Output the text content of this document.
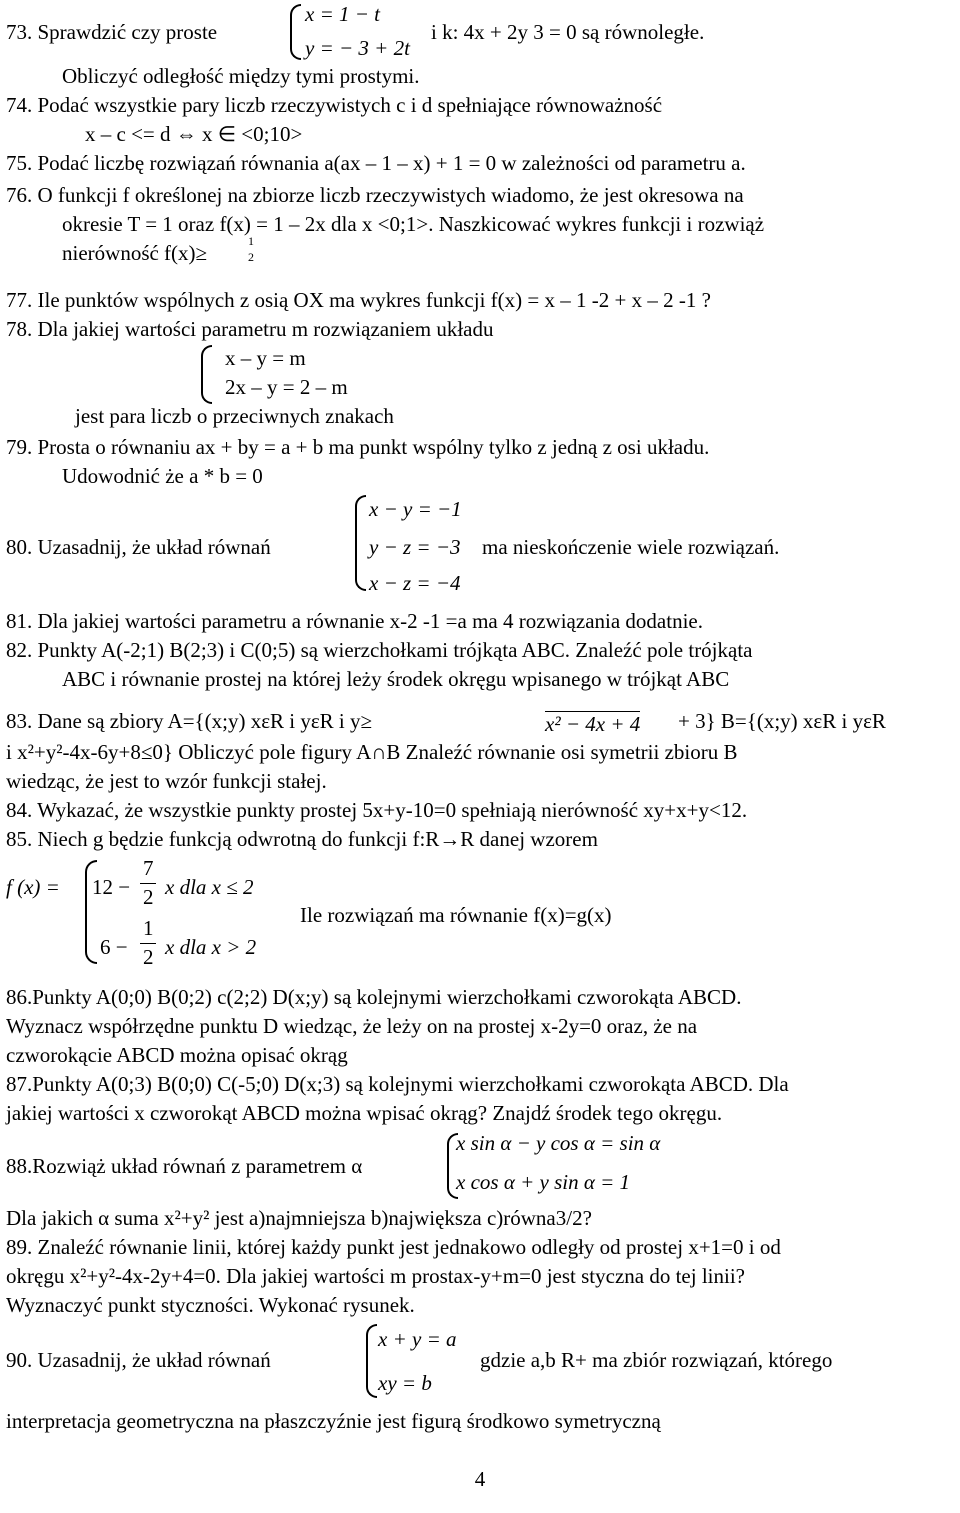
73. Sprawdzić czy proste
x = 1 − t
y = − 3 + 2t
i k: 4x + 2y 3 = 0 są równoległe.
Obliczyć odległość między tymi prostymi.
74. Podać wszystkie pary liczb rzeczywistych c i d spełniające równoważność
x – c <= d ⇔ x ∈ <0;10>
75. Podać liczbę rozwiązań równania a(ax – 1 – x) + 1 = 0 w zależności od parametru a.
76. O funkcji f określonej na zbiorze liczb rzeczywistych wiadomo, że jest okresowa na
okresie T = 1 oraz f(x) = 1 – 2x dla x <0;1>. Naszkicować wykres funkcji i rozwiąż
nierówność f(x)≥	1
2
77. Ile punktów wspólnych z osią OX ma wykres funkcji f(x) = x – 1 -2 + x – 2 -1 ?
78. Dla jakiej wartości parametru m rozwiązaniem układu
x – y = m
2x – y = 2 – m
jest para liczb o przeciwnych znakach
79. Prosta o równaniu ax + by = a + b ma punkt wspólny tylko z jedną z osi układu.
Udowodnić że a * b = 0
x − y = −1
80. Uzasadnij, że układ równań	y − z = −3 ma nieskończenie wiele rozwiązań.
x − z = −4
81. Dla jakiej wartości parametru a równanie x-2 -1 =a ma 4 rozwiązania dodatnie.
82. Punkty A(-2;1) B(2;3) i C(0;5) są wierzchołkami trójkąta ABC. Znaleźć pole trójkąta
ABC i równanie prostej na której leży środek okręgu wpisanego w trójkąt ABC
83. Dane są zbiory A={(x;y) xεR i yεR i y≥	x² − 4x + 4 + 3} B={(x;y) xεR i yεR
i x²+y²-4x-6y+8≤0} Obliczyć pole figury A∩B Znaleźć równanie osi symetrii zbioru B
wiedząc, że jest to wzór funkcji stałej.
84. Wykazać, że wszystkie punkty prostej 5x+y-10=0 spełniają nierówność xy+x+y<12.
85. Niech g będzie funkcją odwrotną do funkcji f:R→R danej wzorem
f (x) = 12 −
7
2 x dla x ≤ 2
Ile rozwiązań ma równanie f(x)=g(x)
6 −
1
2 x dla x > 2
86.Punkty A(0;0) B(0;2) c(2;2) D(x;y) są kolejnymi wierzchołkami czworokąta ABCD.
Wyznacz współrzędne punktu D wiedząc, że leży on na prostej x-2y=0 oraz, że na
czworokącie ABCD można opisać okrąg
87.Punkty A(0;3) B(0;0) C(-5;0) D(x;3) są kolejnymi wierzchołkami czworokąta ABCD. Dla
jakiej wartości x czworokąt ABCD można wpisać okrąg? Znajdź środek tego okręgu.
x sin α − y cos α = sin α
88.Rozwiąż układ równań z parametrem α
x cos α + y sin α = 1
Dla jakich α suma x²+y² jest a)najmniejsza b)największa c)równa3/2?
89. Znaleźć równanie linii, której każdy punkt jest jednakowo odległy od prostej x+1=0 i od
okręgu x²+y²-4x-2y+4=0. Dla jakiej wartości m prostax-y+m=0 jest styczna do tej linii?
Wyznaczyć punkt styczności. Wykonać rysunek.
x + y = a
90. Uzasadnij, że układ równań	gdzie a,b R+ ma zbiór rozwiązań, którego
xy = b
interpretacja geometryczna na płaszczyźnie jest figurą środkowo symetryczną
4
